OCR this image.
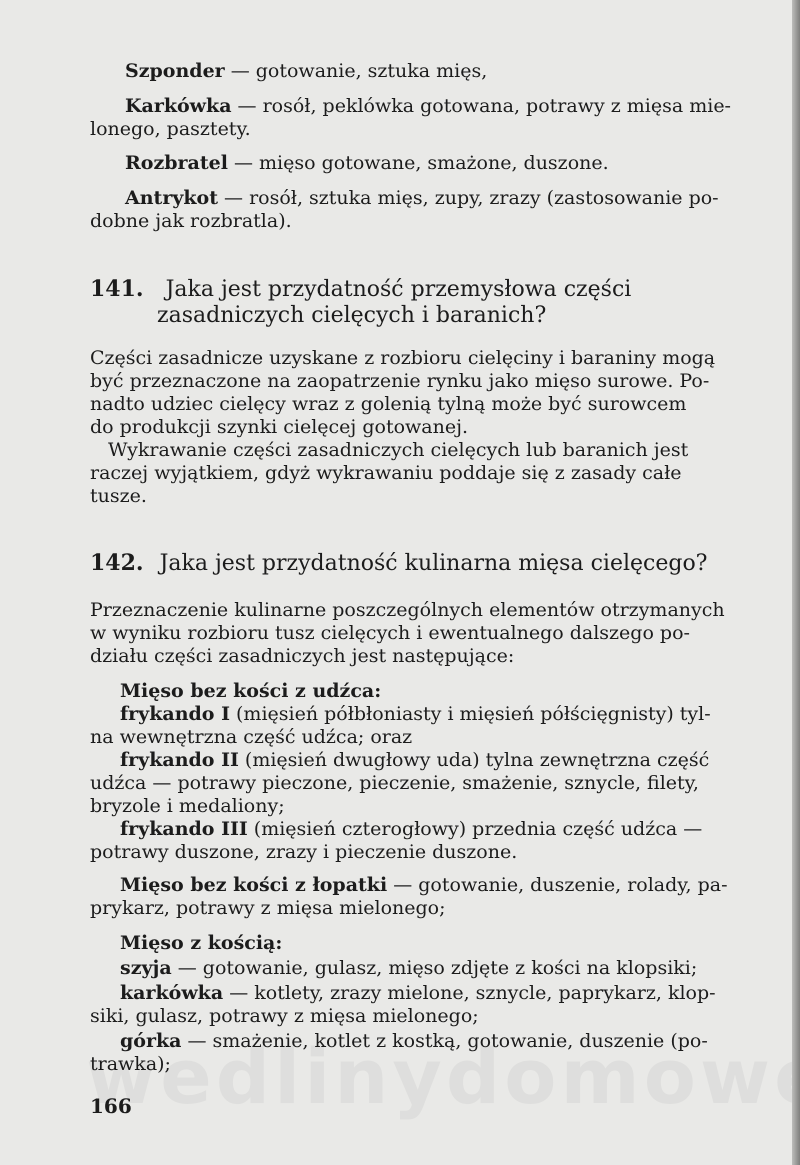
Szponder — gotowanie, sztuka mięs,
Karkówka — rosół, peklówka gotowana, potrawy z mięsa mie-
lonego, pasztety.
Rozbratel — mięso gotowane, smażone, duszone.
Antrykot — rosół, sztuka mięs, zupy, zrazy (zastosowanie po-
dobne jak rozbratla).
141. Jaka jest przydatność przemysłowa części
zasadniczych cielęcych i baranich?
Części zasadnicze uzyskane z rozbioru cielęciny i baraniny mogą
być przeznaczone na zaopatrzenie rynku jako mięso surowe. Po-
nadto udziec cielęcy wraz z golenią tylną może być surowcem
do produkcji szynki cielęcej gotowanej.
Wykrawanie części zasadniczych cielęcych lub baranich jest
raczej wyjątkiem, gdyż wykrawaniu poddaje się z zasady całe
tusze.
142. Jaka jest przydatność kulinarna mięsa cielęcego?
Przeznaczenie kulinarne poszczególnych elementów otrzymanych
w wyniku rozbioru tusz cielęcych i ewentualnego dalszego po-
działu części zasadniczych jest następujące:
Mięso bez kości z udźca:
frykando I (mięsień półbłoniasty i mięsień półścięgnisty) tyl-
na wewnętrzna część udźca; oraz
frykando II (mięsień dwugłowy uda) tylna zewnętrzna część
udźca — potrawy pieczone, pieczenie, smażenie, sznycle, filety,
bryzole i medaliony;
frykando III (mięsień czterogłowy) przednia część udźca —
potrawy duszone, zrazy i pieczenie duszone.
Mięso bez kości z łopatki — gotowanie, duszenie, rolady, pa-
prykarz, potrawy z mięsa mielonego;
Mięso z kością:
szyja — gotowanie, gulasz, mięso zdjęte z kości na klopsiki;
karkówka — kotlety, zrazy mielone, sznycle, paprykarz, klop-
siki, gulasz, potrawy z mięsa mielonego;
górka — smażenie, kotlet z kostką, gotowanie, duszenie (po-
trawka);
166
